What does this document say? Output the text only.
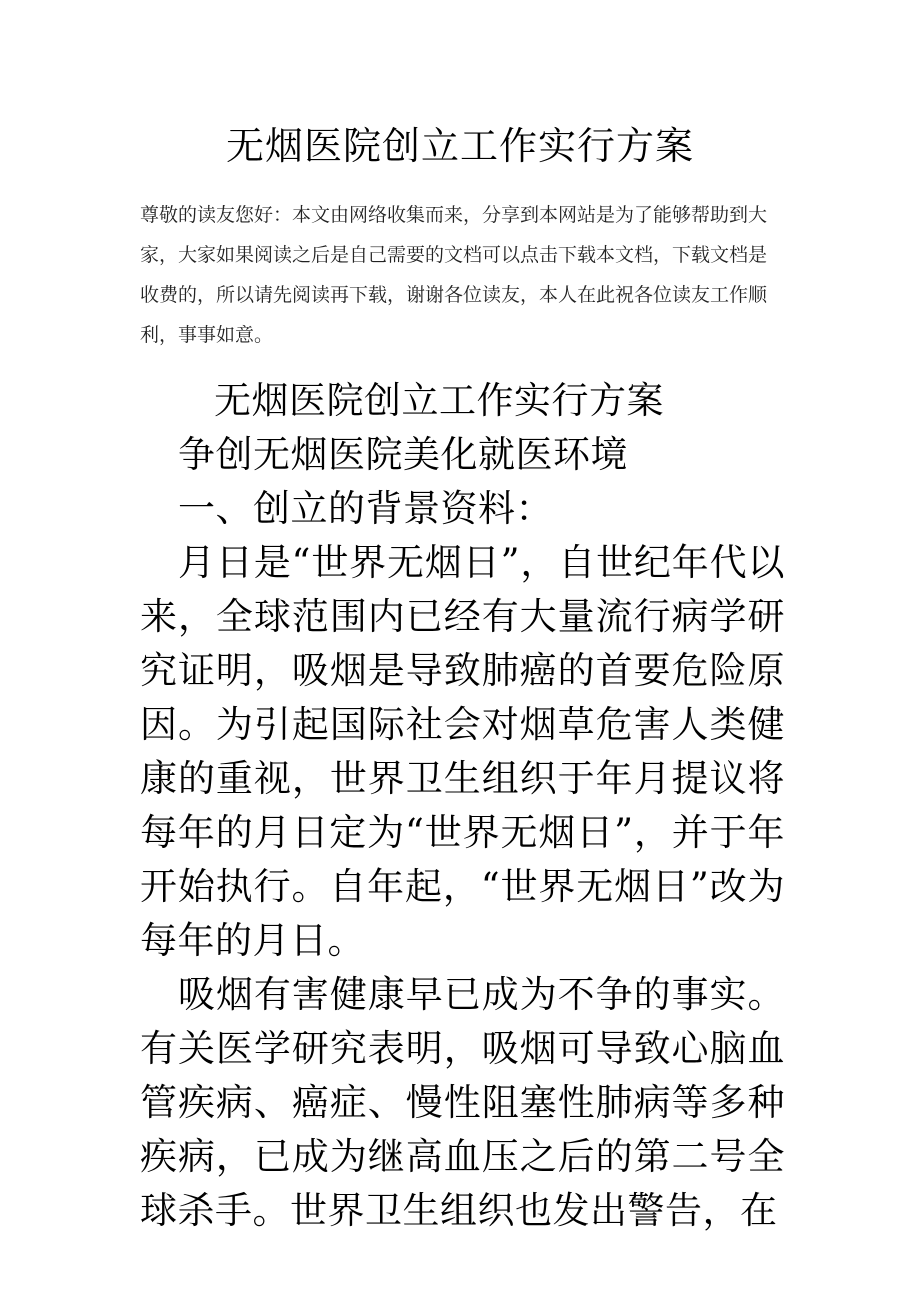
无烟医院创立工作实行方案

尊敬的读友您好：本文由网络收集而来，分享到本网站是为了能够帮助到大家，大家如果阅读之后是自己需要的文档可以点击下载本文档，下载文档是收费的，所以请先阅读再下载，谢谢各位读友，本人在此祝各位读友工作顺利，事事如意。

无烟医院创立工作实行方案

争创无烟医院美化就医环境

一、创立的背景资料：

月日是“世界无烟日”，自世纪年代以来，全球范围内已经有大量流行病学研究证明，吸烟是导致肺癌的首要危险原因。为引起国际社会对烟草危害人类健康的重视，世界卫生组织于年月提议将每年的月日定为“世界无烟日”，并于年开始执行。自年起，“世界无烟日”改为每年的月日。

吸烟有害健康早已成为不争的事实。有关医学研究表明，吸烟可导致心脑血管疾病、癌症、慢性阻塞性肺病等多种疾病，已成为继高血压之后的第二号全球杀手。世界卫生组织也发出警告，在
